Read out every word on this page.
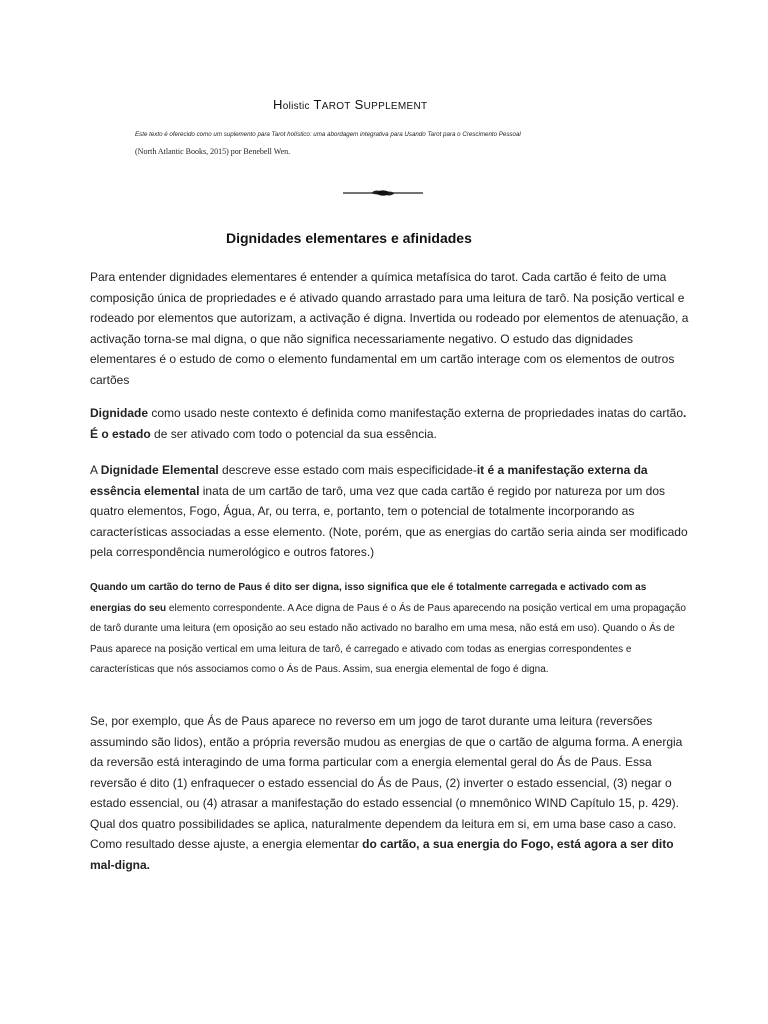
Holistic TAROT SUPPLEMENT
Este texto é oferecido como um suplemento para Tarot holístico: uma abordagem integrativa para Usando Tarot para o Crescimento Pessoal
(North Atlantic Books, 2015) por Benebell Wen.
Dignidades elementares e afinidades
Para entender dignidades elementares é entender a química metafísica do tarot. Cada cartão é feito de uma composição única de propriedades e é ativado quando arrastado para uma leitura de tarô. Na posição vertical e rodeado por elementos que autorizam, a activação é digna. Invertida ou rodeado por elementos de atenuação, a activação torna-se mal digna, o que não significa necessariamente negativo. O estudo das dignidades elementares é o estudo de como o elemento fundamental em um cartão interage com os elementos de outros cartões
Dignidade como usado neste contexto é definida como manifestação externa de propriedades inatas do cartão. É o estado de ser ativado com todo o potencial da sua essência.
A Dignidade Elemental descreve esse estado com mais especificidade-it é a manifestação externa da essência elemental inata de um cartão de tarô, uma vez que cada cartão é regido por natureza por um dos quatro elementos, Fogo, Água, Ar, ou terra, e, portanto, tem o potencial de totalmente incorporando as características associadas a esse elemento. (Note, porém, que as energias do cartão seria ainda ser modificado pela correspondência numerológico e outros fatores.)
Quando um cartão do terno de Paus é dito ser digna, isso significa que ele é totalmente carregada e activado com as energias do seu elemento correspondente. A Ace digna de Paus é o Ás de Paus aparecendo na posição vertical em uma propagação de tarô durante uma leitura (em oposição ao seu estado não activado no baralho em uma mesa, não está em uso). Quando o Ás de Paus aparece na posição vertical em uma leitura de tarô, é carregado e ativado com todas as energias correspondentes e características que nós associamos como o Ás de Paus. Assim, sua energia elemental de fogo é digna.
Se, por exemplo, que Ás de Paus aparece no reverso em um jogo de tarot durante uma leitura (reversões assumindo são lidos), então a própria reversão mudou as energias de que o cartão de alguma forma. A energia da reversão está interagindo de uma forma particular com a energia elemental geral do Ás de Paus. Essa reversão é dito (1) enfraquecer o estado essencial do Ás de Paus, (2) inverter o estado essencial, (3) negar o estado essencial, ou (4) atrasar a manifestação do estado essencial (o mnemônico WIND Capítulo 15, p. 429). Qual dos quatro possibilidades se aplica, naturalmente dependem da leitura em si, em uma base caso a caso. Como resultado desse ajuste, a energia elementar do cartão, a sua energia do Fogo, está agora a ser dito mal-digna.
